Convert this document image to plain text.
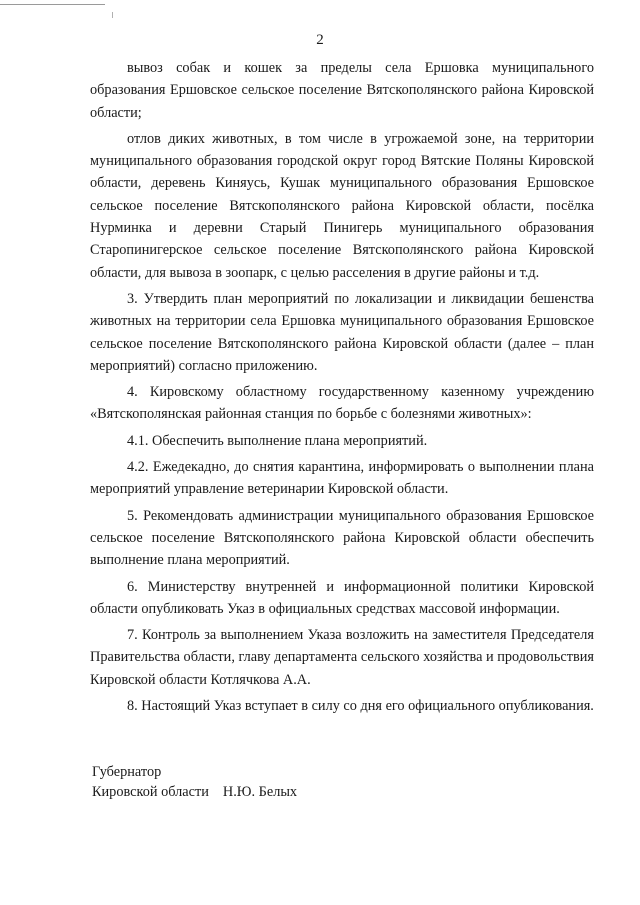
2

вывоз собак и кошек за пределы села Ершовка муниципального образования Ершовское сельское поселение Вятскополянского района Кировской области;

отлов диких животных, в том числе в угрожаемой зоне, на территории муниципального образования городской округ город Вятские Поляны Кировской области, деревень Киняусь, Кушак муниципального образования Ершовское сельское поселение Вятскополянского района Кировской области, посёлка Нурминка и деревни Старый Пинигерь муниципального образования Старопинигерское сельское поселение Вятскополянского района Кировской области, для вывоза в зоопарк, с целью расселения в другие районы и т.д.

3. Утвердить план мероприятий по локализации и ликвидации бешенства животных на территории села Ершовка муниципального образования Ершовское сельское поселение Вятскополянского района Кировской области (далее – план мероприятий) согласно приложению.

4. Кировскому областному государственному казенному учреждению «Вятскополянская районная станция по борьбе с болезнями животных»:

4.1. Обеспечить выполнение плана мероприятий.

4.2. Ежедекадно, до снятия карантина, информировать о выполнении плана мероприятий управление ветеринарии Кировской области.

5. Рекомендовать администрации муниципального образования Ершовское сельское поселение Вятскополянского района Кировской области обеспечить выполнение плана мероприятий.

6. Министерству внутренней и информационной политики Кировской области опубликовать Указ в официальных средствах массовой информации.

7. Контроль за выполнением Указа возложить на заместителя Председателя Правительства области, главу департамента сельского хозяйства и продовольствия Кировской области Котлячкова А.А.

8. Настоящий Указ вступает в силу со дня его официального опубликования.

Губернатор
Кировской области Н.Ю. Белых
